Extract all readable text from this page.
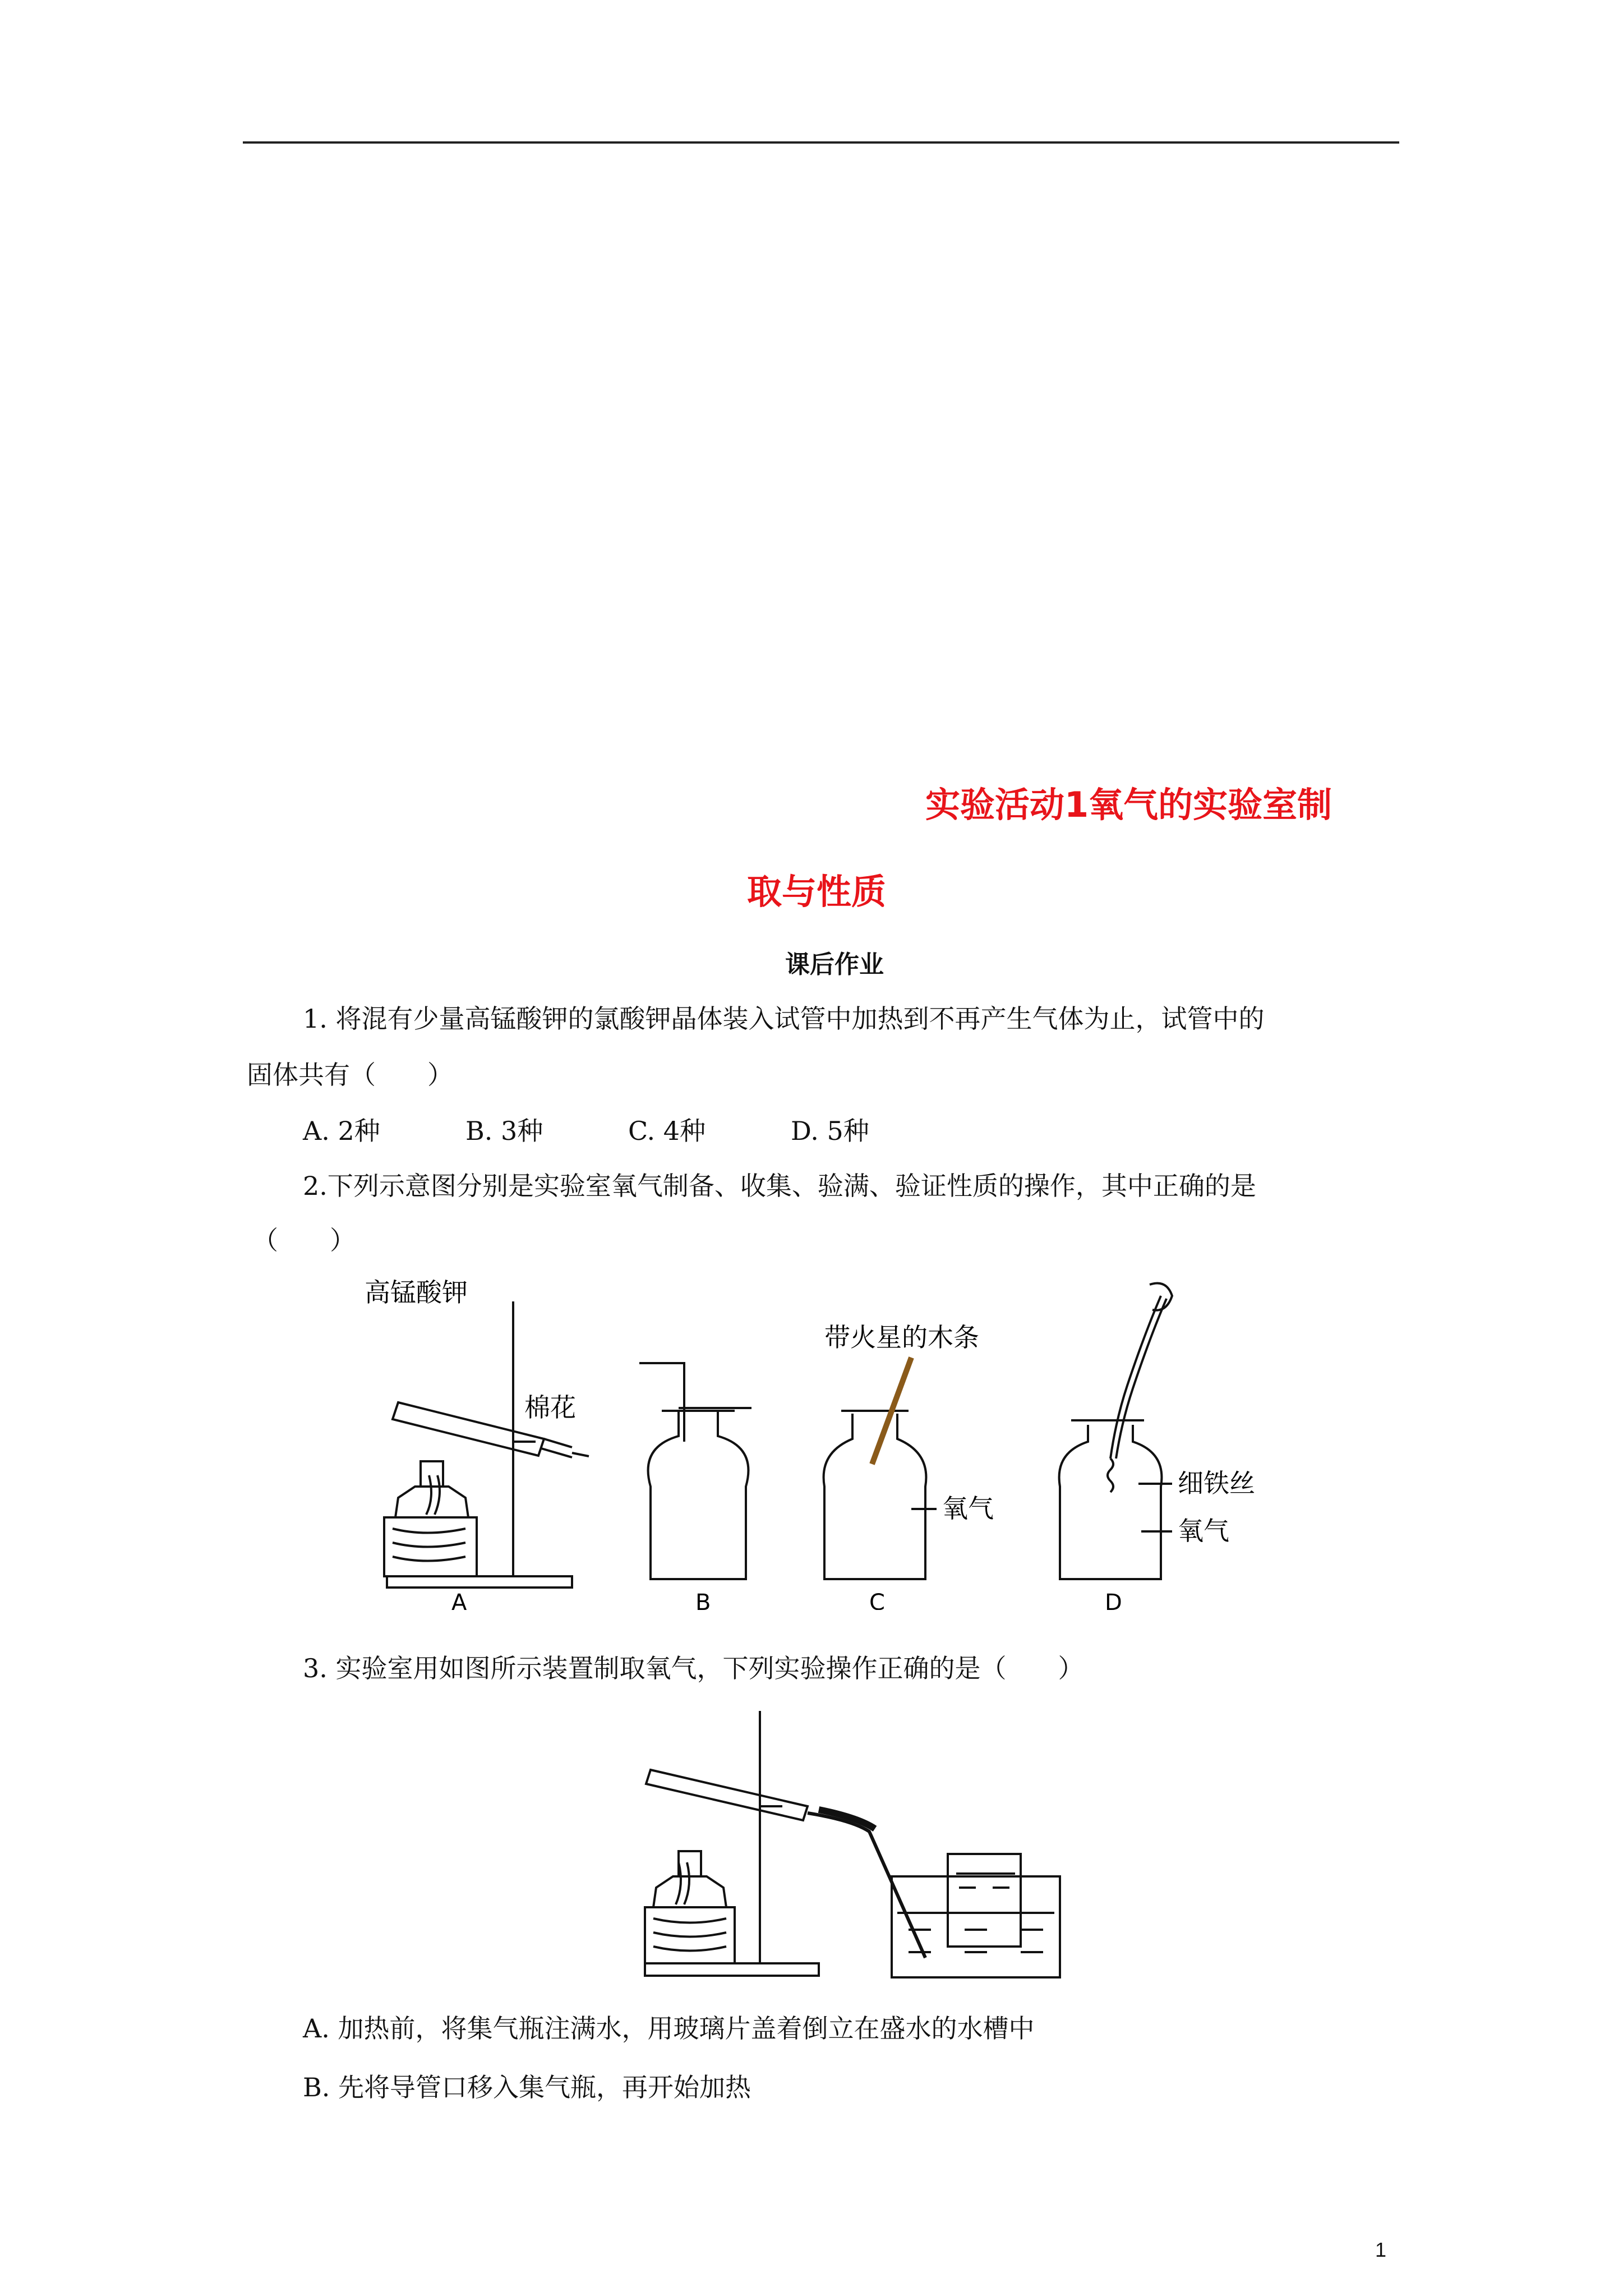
实验活动1氧气的实验室制
取与性质
课后作业
1. 将混有少量高锰酸钾的氯酸钾晶体装入试管中加热到不再产生气体为止，试管中的
固体共有（　　）
A. 2种	B. 3种	C. 4种	D. 5种
2.下列示意图分别是实验室氧气制备、收集、验满、验证性质的操作，其中正确的是
（　　）
高锰酸钾
棉花
带火星的木条
氧气
细铁丝
氧气
A	B	C	D
3. 实验室用如图所示装置制取氧气，下列实验操作正确的是（　　）
A. 加热前，将集气瓶注满水，用玻璃片盖着倒立在盛水的水槽中
B. 先将导管口移入集气瓶，再开始加热
1
